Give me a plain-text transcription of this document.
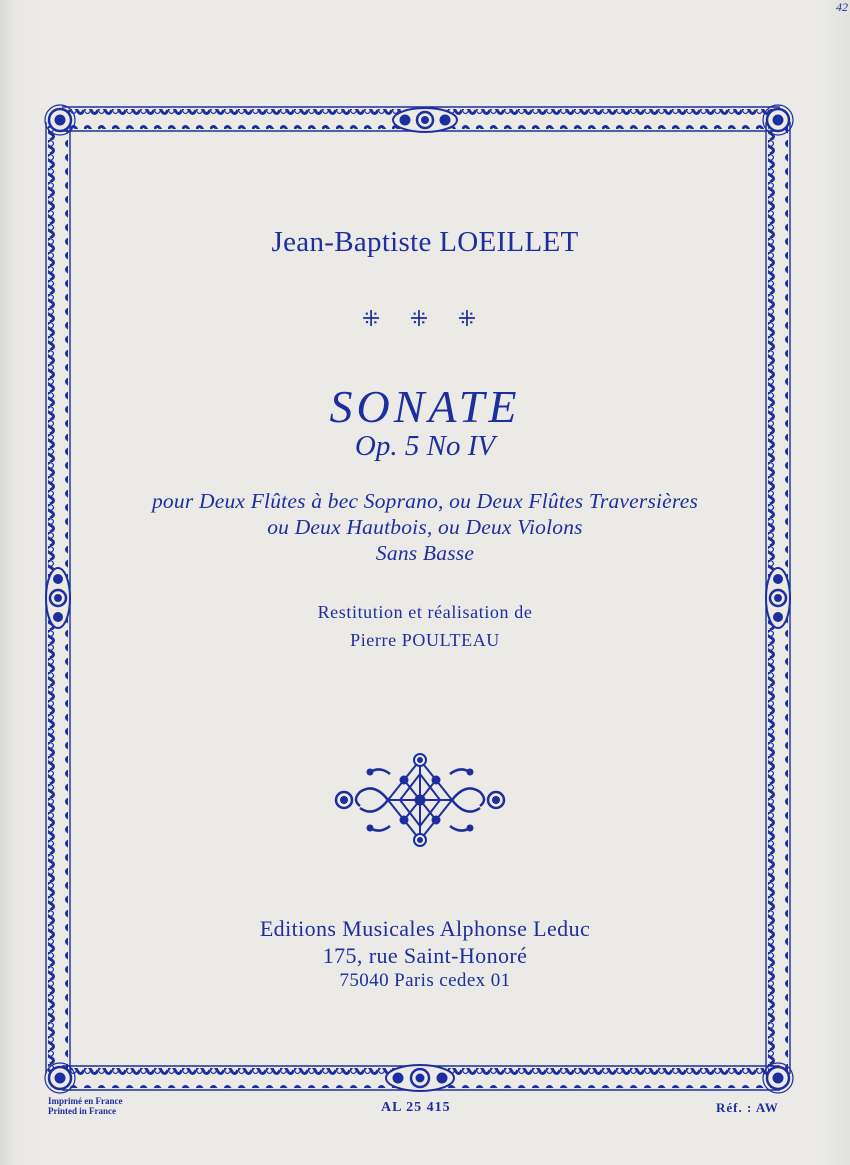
42
Jean-Baptiste LOEILLET
⁜ ⁜ ⁜
SONATE
Op. 5 No IV
pour Deux Flûtes à bec Soprano, ou Deux Flûtes Traversières
ou Deux Hautbois, ou Deux Violons
Sans Basse
Restitution et réalisation de
Pierre POULTEAU
Editions Musicales Alphonse Leduc
175, rue Saint-Honoré
75040 Paris cedex 01
Imprimé en France
Printed in France	AL 25 415	Réf. : AW
